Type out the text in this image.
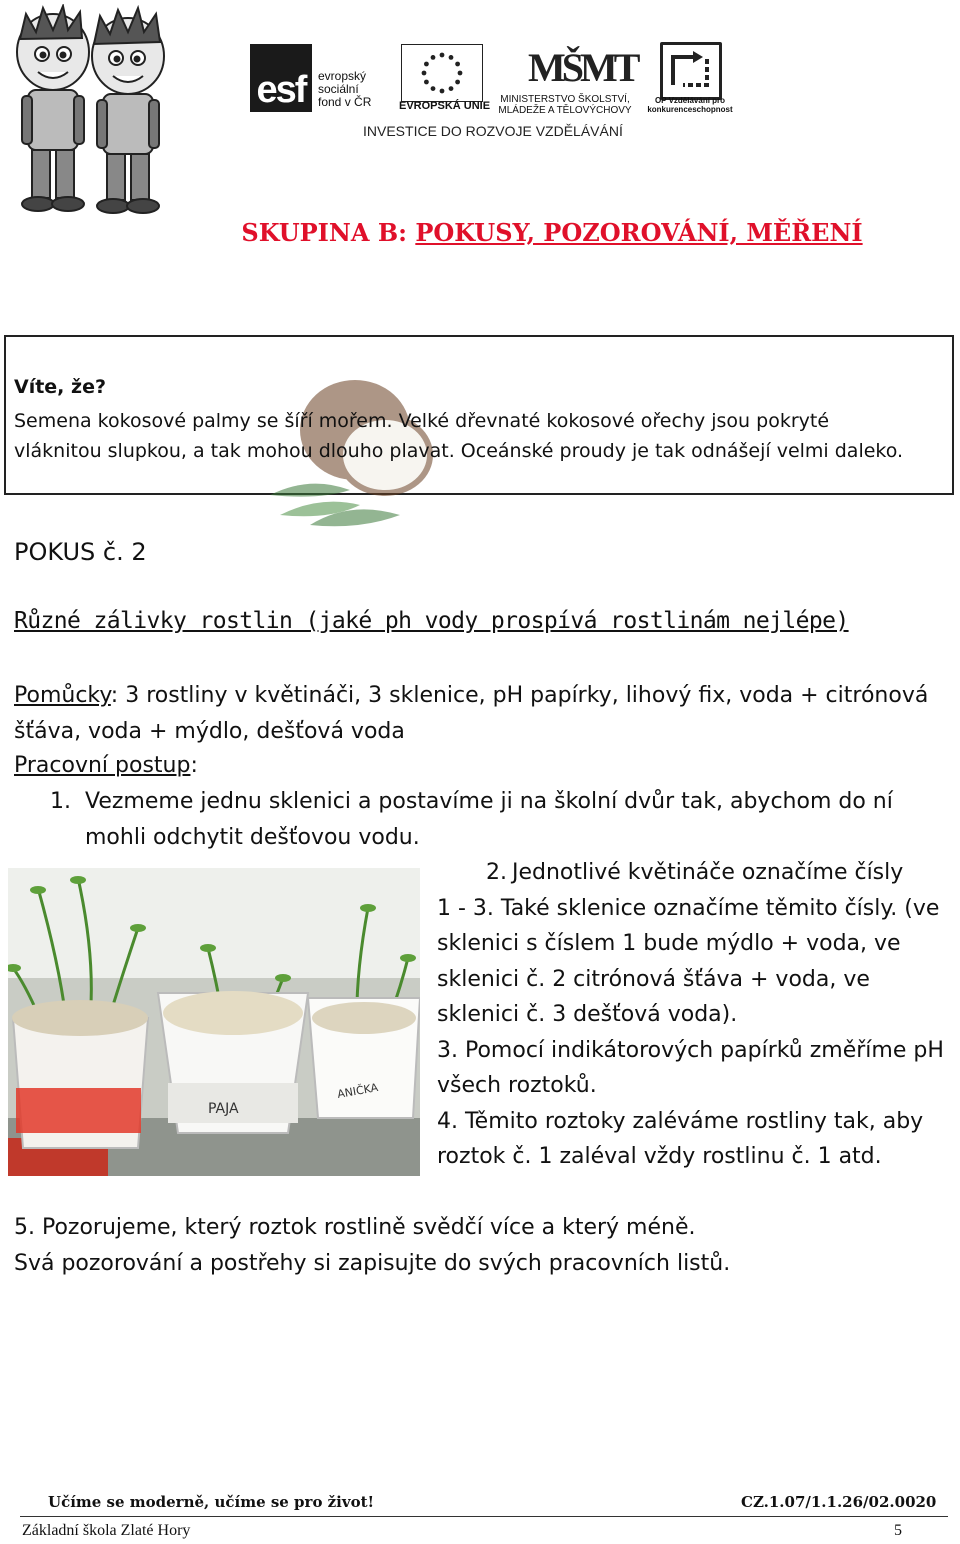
esf evropský
sociální
fond v ČR	EVROPSKÁ UNIE
MŠMT
MINISTERSTVO ŠKOLSTVÍ, MLÁDEŽE A TĚLOVÝCHOVY
OP Vzdělávání pro konkurenceschopnost
INVESTICE DO ROZVOJE VZDĚLÁVÁNÍ
SKUPINA B: POKUSY, POZOROVÁNÍ, MĚŘENÍ
Víte, že?
Semena kokosové palmy se šíří mořem. Velké dřevnaté kokosové ořechy jsou pokryté vláknitou slupkou, a tak mohou dlouho plavat. Oceánské proudy je tak odnášejí velmi daleko.
POKUS č. 2
Různé zálivky rostlin (jaké ph vody prospívá rostlinám nejlépe)
Pomůcky: 3 rostliny v květináči, 3 sklenice, pH papírky, lihový fix, voda + citrónová šťáva, voda + mýdlo, dešťová voda
Pracovní postup:
1. Vezmeme jednu sklenici a postavíme ji na školní dvůr tak, abychom do ní mohli odchytit dešťovou vodu.
PAJA
ANIČKA

2. Jednotlivé květináče označíme čísly

1 - 3. Také sklenice označíme těmito čísly. (ve sklenici s číslem 1 bude mýdlo + voda, ve sklenici č. 2 citrónová šťáva + voda, ve sklenici č. 3 dešťová voda).

3. Pomocí indikátorových papírků změříme pH všech roztoků.

4. Těmito roztoky zaléváme rostliny tak, aby roztok č. 1 zaléval vždy rostlinu č. 1 atd.

5. Pozorujeme, který roztok rostlině svědčí více a který méně.
Svá pozorování a postřehy si zapisujte do svých pracovních listů.
Učíme se moderně, učíme se pro život!	CZ.1.07/1.1.26/02.0020
Základní škola Zlaté Hory	5
